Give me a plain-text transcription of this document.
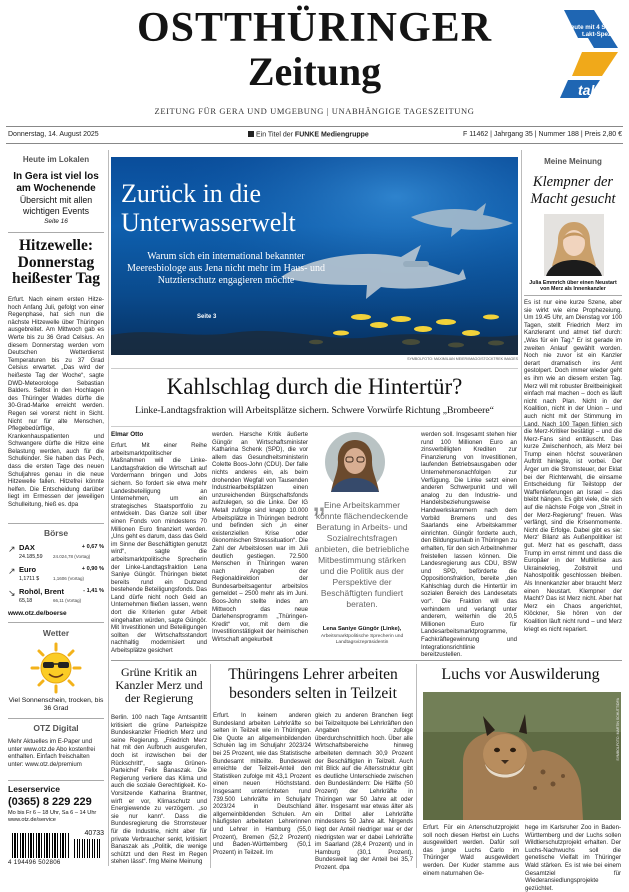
OSTTHÜRINGER
Zeitung
ZEITUNG FÜR GERA UND UMGEBUNG | UNABHÄNGIGE TAGESZEITUNG
Heute mit 4 Seiten t.akt-Spezial!
takt
Donnerstag, 14. August 2025	Ein Titel der FUNKE Mediengruppe	F 11462 | Jahrgang 35 | Nummer 188 | Preis 2,80 €
Heute im Lokalen
In Gera ist viel los am Wochenende
Übersicht mit allen wichtigen Events
Seite 16
Hitzewelle: Donnerstag heißester Tag
Erfurt. Nach einem ersten Hitze-hoch Anfang Juli, gefolgt von einer Regenphase, hat sich nun die nächste Hitzewelle über Thüringen ausgebreitet. Am Mittwoch gab es Werte bis zu 36 Grad Celsius. An diesem Donnerstag werden vom Deutschen Wetterdienst Temperaturen bis zu 37 Grad Celsius erwartet. „Das wird der heißeste Tag der Woche“, sagte DWD-Meteorologe Sebastian Balders. Selbst in den Hochlagen des Thüringer Waldes dürfte die 30-Grad-Marke erreicht werden. Regen sei vorerst nicht in Sicht. Nicht nur für alte Menschen, Pflegebedürftige, Krankenhauspatienten und Schwangere dürfte die Hitze eine Belastung werden, auch für die Schulkinder. Sie haben das Pech, dass die ersten Tage des neuen Schuljahres genau in die neue Hitzewelle fallen. Hitzefrei könnte helfen. Die Entscheidung darüber liegt im Ermessen der jeweiligen Schulleitung, hieß es. dpa
Börse
↗ DAX	+ 0,67 %
24.185,59 24.024,78 (Vortag)
↗ Euro	+ 0,90 %
1,1711 $	1,1606 (Vortag)
↘ Rohöl, Brent	- 1,41 %
65,18	66,11 (Vortag)
www.otz.de/boerse
Wetter
Viel Sonnenschein, trocken, bis 36 Grad
OTZ Digital
Mehr Aktuelles im E-Paper und unter www.otz.de Abo kostenfrei enthalten. Einfach freischalten unter: www.otz.de/premium
Leserservice
(0365) 8 229 229
Mo bis Fr 6 – 18 Uhr, Sa 6 – 14 Uhr www.otz.de/service
40733
4 194496 502806
Zurück in die Unterwasserwelt
Warum sich ein international bekannter Meeresbiologe aus Jena nicht mehr im Haus- und Nutztierschutz engagieren möchte
Seite 3
SYMBOLFOTO: MAXIMILIAN MEIER/IMAGO/STOCKTREK IMAGES
Meine Meinung
Klempner der Macht gesucht
Julia Emmrich über einen Neustart von Merz als Innenkanzler
Es ist nur eine kurze Szene, aber sie wirkt wie eine Prophezeiung. Um 19.45 Uhr, am Dienstag vor 100 Tagen, stellt Friedrich Merz im Kanzleramt und atmet tief durch: „Was für ein Tag.“ Er ist gerade im zweiten Anlauf gewählt worden. Noch nie zuvor ist ein Kanzler derart dramatisch ins Amt gestolpert. Doch immer wieder geht es ihm wie an diesem ersten Tag. Merz will mit robuster Breitbeinigkeit einfach mal machen – doch es läuft nicht nach Plan. Nicht in der Koalition, nicht in der Union – und auch nicht mit der Stimmung im Land. Nach 100 Tagen fühlen sich die Merz-Kritiker bestätigt – und die Merz-Fans sind enttäuscht. Das kurze Zwischenhoch, als Merz bei Trump einen höchst souveränen Auftritt hinlegte, ist vorbei. Der Ärger um die Stromsteuer, der Eklat bei der Richterwahl, die einsame Entscheidung für Teilstopp der Waffenlieferungen an Israel – das bleibt hängen. Es gibt viele, die sich auf die nächste Folge von „Streit in der Merz-Regierung“ freuen. Was verfängt, sind die Krisenmomente. Nicht die Erfolge. Dabei gibt es sie: Merz' Bilanz als Außenpolitiker ist gut. Merz hat es geschafft, dass Trump im ernst nimmt und dass die Europäer in der Multikrise aus Ukrainekrieg, Zollstreit und Nahostpolitik geschlossen bleiben. Als Innenkanzler aber braucht Merz einen Neustart. Klempner der Macht? Das ist Merz nicht. Aber hat Merz ein Chaos angerichtet, Klöckner, Sie hören von der Koalition läuft nicht rund – und Merz kriegt es nicht repariert.
Kahlschlag durch die Hintertür?
Linke-Landtagsfraktion will Arbeitsplätze sichern. Schwere Vorwürfe Richtung „Brombeere“
Elmar Otto
Erfurt. Mit einer Reihe arbeitsmarktpolitischer Maßnahmen will die Linke-Landtagsfraktion die Wirtschaft auf Vordermann bringen und Jobs sichern. So fordert sie etwa mehr Landesbeteiligung an Unternehmen, um ein strategisches Staatsportfolio zu entwickeln. Das Ganze soll über einen Fonds von mindestens 70 Millionen Euro finanziert werden. „Uns geht es darum, dass das Geld im Sinne der Beschäftigten genutzt wird“, sagte die arbeitsmarktpolitische Sprecherin der Linke-Landtagsfraktion Lena Saniye Güngör. Thüringen bietet bereits rund ein Dutzend bestehende Beteiligungsfonds. Das Land dürfe nicht noch Geld an Unternehmen fließen lassen, wenn dort die Kriterien guter Arbeit eingehalten würden, sagte Güngör. Mit Investitionen und Beteiligungen sollten der Wirtschaftsstandort nachhaltig modernisiert und Arbeitsplätze gesichert
werden. Harsche Kritik äußerte Güngör an Wirtschaftsminister Katharina Schenk (SPD), die vor allem das Gesundheitsministerin Colette Boos-John (CDU). Der falle nichts anderes ein, als beim drohenden Wegfall von Tausenden Industriearbeitsplätzen einen unzureichenden Bürgschaftsfonds aufzulegen, so die Linke. Der IG Metall zufolge sind knapp 10.000 Arbeitsplätze in Thüringen bedroht und befinden sich „in einer existenziellen Krise oder ökonomischen Stresssituation“. Die Zahl der Arbeitslosen war im Juli deutlich gestiegen. 72.500 Menschen in Thüringen waren nach Angaben der Regionaldirektion der Bundesarbeitsagentur arbeitslos gemeldet – 2500 mehr als im Juni. Boos-John stellte indes am Mittwoch das neue Darlehensprogramm „Thüringen-Kredit“ vor, mit dem die Investitionstätigkeit der heimischen Wirtschaft angekurbelt
„
Eine Arbeitskammer könnte flächendeckende Beratung in Arbeits- und Sozialrechtsfragen anbieten, die betriebliche Mitbestimmung stärken und die Politik aus der Perspektive der Beschäftigten fundiert beraten.
Lena Saniye Güngör (Linke),
Arbeitsmarktpolitische Sprecherin und Landtagsvizepräsidentin
werden soll. Insgesamt stehen hier rund 100 Millionen Euro an zinsverbilligten Krediten zur Finanzierung von Investitionen, laufenden Betriebsausgaben oder Unternehmensnachfolgen zur Verfügung. Die Linke setzt einen anderen Schwerpunkt und will analog zu den Industrie- und Handelsbeziehungsweise Handwerkskammern nach dem Vorbild Bremens und des Saarlands eine Arbeitskammer einrichten. Güngör forderte auch, den Bildungsurlaub in Thüringen zu erhalten, für den sich Arbeitnehmer freistellen lassen können. Die Landesregierung aus CDU, BSW und SPD, beförderte die Oppositionsfraktion, bereite „den Kahlschlag durch die Hintertür im sozialen Bereich des Landesetats vor“. Die Fraktion will das verhindern und verlangt unter anderem, weiterhin die 20,5 Millionen Euro für Landesarbeitsmarktprogramme, Fachkräftegewinnung und Integrationsrichtlinie bereitzustellen.
Grüne Kritik an Kanzler Merz und der Regierung
Berlin. 100 nach Tage Amtsantritt kritisiert die grüne Parteispitze Bundeskanzler Friedrich Merz und seine Regierung. „Friedrich Merz hat mit den Aufbruch ausgerufen, doch ist inzwischen bei der Rückschritt“, sagte Grünen-Parteichef Felix Banaszak. Die Regierung verliere das Klima und auch die soziale Gerechtigkeit. Ko-Vorsitzende Katharina Brantner, wirft er vor, Klimaschutz und Energiewende zu verzögern. „so sie nur kann“. Dass die Bundesregierung die Stromsteuer für die Industrie, nicht aber für private Verbraucher senkt, kritisiert Banaszak als „Politik, die wenige schützt und den Rest im Regen stehen lässt“. fmg Meine Meinung
Thüringens Lehrer arbeiten besonders selten in Teilzeit
Erfurt. In keinem anderen Bundesland arbeiten Lehrkräfte so selten in Teilzeit wie in Thüringen. Die Quote an allgemeinbildenden Schulen lag im Schuljahr 2023/24 bei 25 Prozent, wie das Statistische Bundesamt mitteilte. Bundesweit erreichte der Teilzeit-Anteil den Statistiken zufolge mit 43,1 Prozent einen neuen Höchststand. Insgesamt unterrichteten rund 739.500 Lehrkräfte im Schuljahr 2023/24 in Deutschland allgemeinbildenden Schulen. Am häufigsten arbeiteten Lehrerinnen und Lehrer in Hamburg (55,0 Prozent), Bremen (52,2 Prozent) und Baden-Württemberg (50,1 Prozent) in Teilzeit. Im
gleich zu anderen Branchen liegt bei Teilzeitquote bei Lehrkräften den Angaben zufolge überdurchschnittlich hoch. Über alle Wirtschaftsbereiche hinweg arbeiteten demnach 30,9 Prozent der Beschäftigten in Teilzeit. Auch mit Blick auf die Altersstruktur gibt es deutliche Unterschiede zwischen den Bundesländern: Die Hälfte (50 Prozent) der Lehrkräfte in Thüringen war 50 Jahre alt oder älter. Insgesamt war etwas älter als ein Drittel aller Lehrkräfte mindestens 50 Jahre alt. Nirgends liegt der Anteil niedriger war er der niedrigsten war er dabei Lehrkräfte im Saarland (28,4 Prozent) und in Hamburg (30,1 Prozent). Bundesweit lag der Anteil bei 35,7 Prozent. dpa
Luchs vor Auswilderung
SYMBOLFOTO: MARTIN SCHUTT/DPA
Erfurt. Für ein Artenschutzprojekt soll noch diesen Herbst ein Luchs ausgewildert werden. Dafür soll das junge Luchs Carlo im Thüringer Wald ausgewildert werden. Der Kuder stamme aus einem naturnahen Ge-
hege im Karlsruher Zoo in Baden-Württemberg und der Luchs sollen Wildtierschutzprojekt erhalten. Der Luchs-Nachwuchs soll die genetische Vielfalt im Thüringer Wald stärken. Es ist wie bei einem Gesamtziel für Wiederansiedlungsprojekte gezüchtet.
